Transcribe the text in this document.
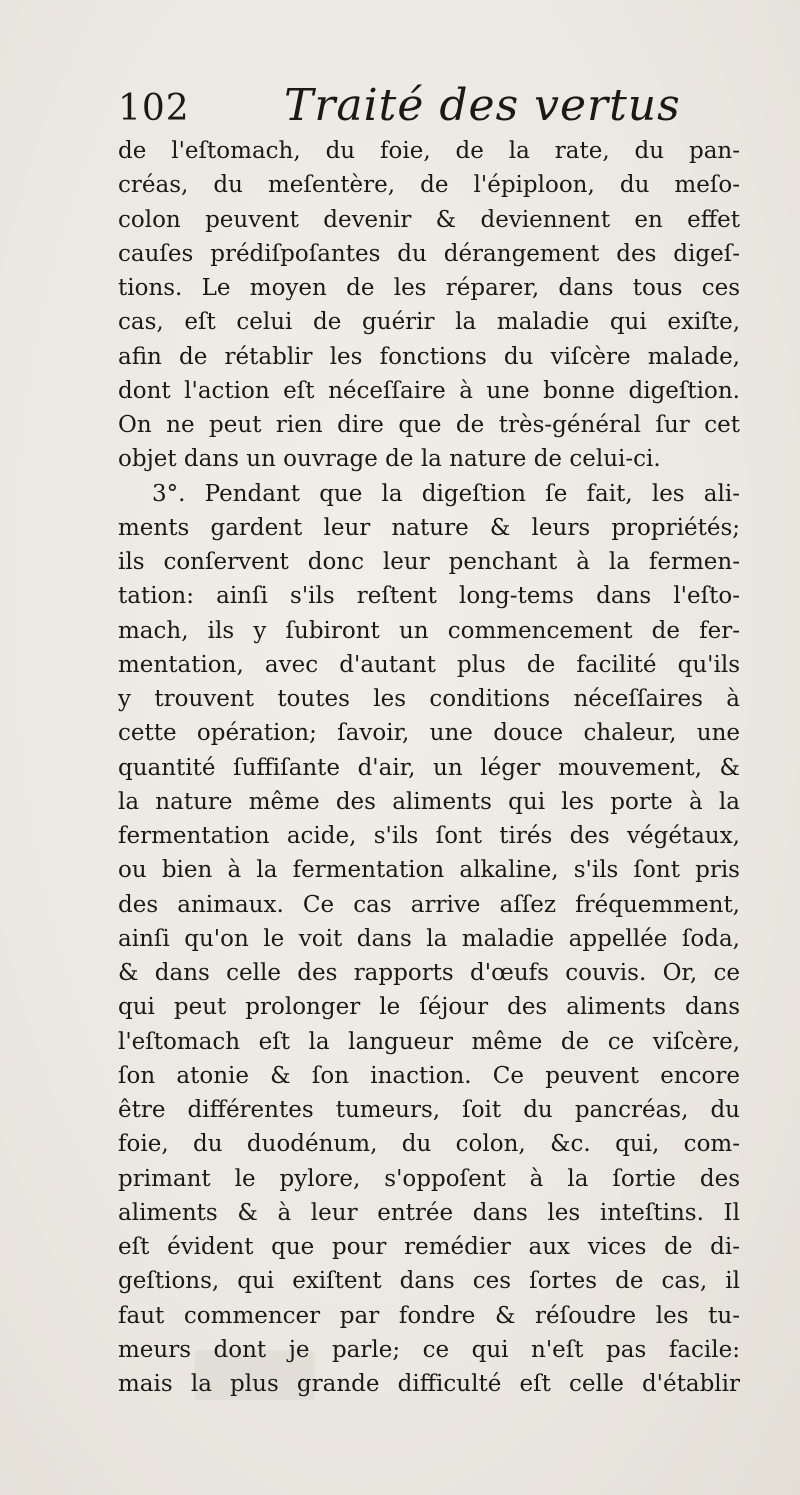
102 Traité des vertus
de l'eſtomach, du foie, de la rate, du pan-
créas, du meſentère, de l'épiploon, du meſo-
colon peuvent devenir & deviennent en effet
cauſes prédiſpoſantes du dérangement des digeſ-
tions. Le moyen de les réparer, dans tous ces
cas, eſt celui de guérir la maladie qui exiſte,
afin de rétablir les fonctions du viſcère malade,
dont l'action eſt néceſſaire à une bonne digeſtion.
On ne peut rien dire que de très-général ſur cet
objet dans un ouvrage de la nature de celui-ci.
3°. Pendant que la digeſtion ſe fait, les ali-
ments gardent leur nature & leurs propriétés;
ils conſervent donc leur penchant à la fermen-
tation: ainſi s'ils reſtent long-tems dans l'eſto-
mach, ils y ſubiront un commencement de fer-
mentation, avec d'autant plus de facilité qu'ils
y trouvent toutes les conditions néceſſaires à
cette opération; ſavoir, une douce chaleur, une
quantité ſuffiſante d'air, un léger mouvement, &
la nature même des aliments qui les porte à la
fermentation acide, s'ils ſont tirés des végétaux,
ou bien à la fermentation alkaline, s'ils ſont pris
des animaux. Ce cas arrive aſſez fréquemment,
ainſi qu'on le voit dans la maladie appellée ſoda,
& dans celle des rapports d'œufs couvis. Or, ce
qui peut prolonger le ſéjour des aliments dans
l'eſtomach eſt la langueur même de ce viſcère,
ſon atonie & ſon inaction. Ce peuvent encore
être différentes tumeurs, ſoit du pancréas, du
foie, du duodénum, du colon, &c. qui, com-
primant le pylore, s'oppoſent à la ſortie des
aliments & à leur entrée dans les inteſtins. Il
eſt évident que pour remédier aux vices de di-
geſtions, qui exiſtent dans ces ſortes de cas, il
faut commencer par fondre & réſoudre les tu-
meurs dont je parle; ce qui n'eſt pas facile:
mais la plus grande difficulté eſt celle d'établir
